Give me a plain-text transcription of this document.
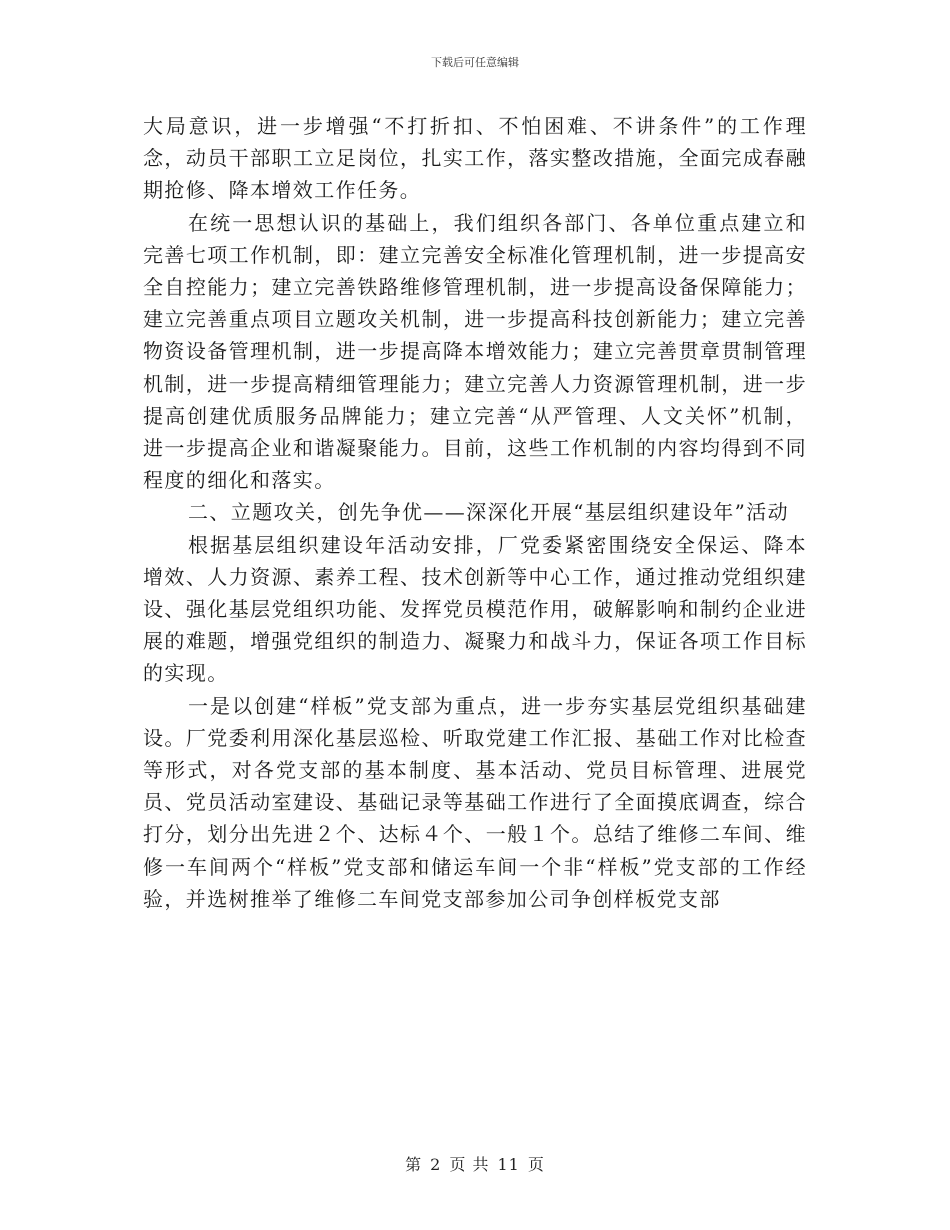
下载后可任意编辑

大局意识，进一步增强“不打折扣、不怕困难、不讲条件”的工作理念，动员干部职工立足岗位，扎实工作，落实整改措施，全面完成春融期抢修、降本增效工作任务。

在统一思想认识的基础上，我们组织各部门、各单位重点建立和完善七项工作机制，即：建立完善安全标准化管理机制，进一步提高安全自控能力；建立完善铁路维修管理机制，进一步提高设备保障能力；建立完善重点项目立题攻关机制，进一步提高科技创新能力；建立完善物资设备管理机制，进一步提高降本增效能力；建立完善贯章贯制管理机制，进一步提高精细管理能力；建立完善人力资源管理机制，进一步提高创建优质服务品牌能力；建立完善“从严管理、人文关怀”机制，进一步提高企业和谐凝聚能力。目前，这些工作机制的内容均得到不同程度的细化和落实。

二、立题攻关，创先争优——深深化开展“基层组织建设年”活动

根据基层组织建设年活动安排，厂党委紧密围绕安全保运、降本增效、人力资源、素养工程、技术创新等中心工作，通过推动党组织建设、强化基层党组织功能、发挥党员模范作用，破解影响和制约企业进展的难题，增强党组织的制造力、凝聚力和战斗力，保证各项工作目标的实现。

一是以创建“样板”党支部为重点，进一步夯实基层党组织基础建设。厂党委利用深化基层巡检、听取党建工作汇报、基础工作对比检查等形式，对各党支部的基本制度、基本活动、党员目标管理、进展党员、党员活动室建设、基础记录等基础工作进行了全面摸底调查，综合打分，划分出先进２个、达标４个、一般１个。总结了维修二车间、维修一车间两个“样板”党支部和储运车间一个非“样板”党支部的工作经验，并选树推举了维修二车间党支部参加公司争创样板党支部

第 2 页 共 11 页
